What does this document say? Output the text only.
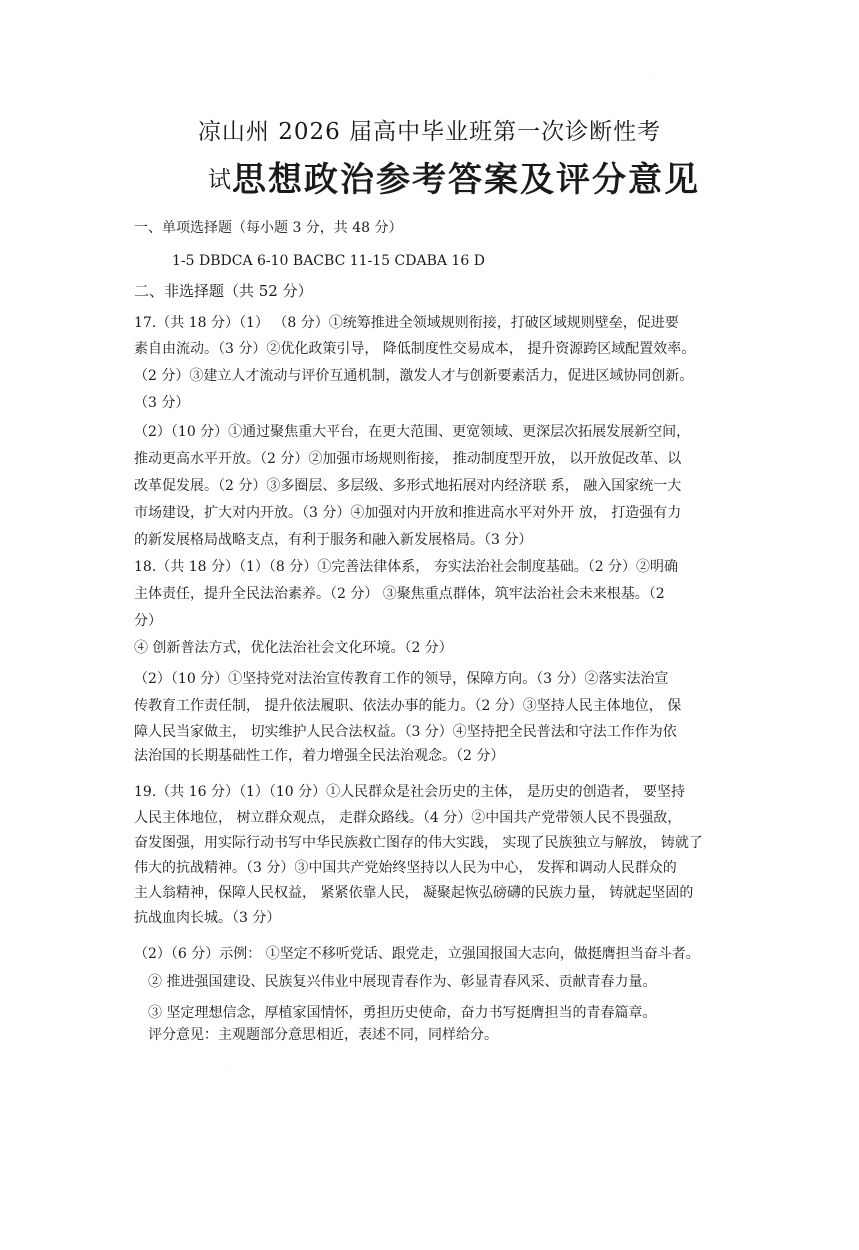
·
凉山州 2026 届高中毕业班第一次诊断性考
试思想政治参考答案及评分意见
一、单项选择题（每小题 3 分，共 48 分）
1-5 DBDCA 6-10 BACBC 11-15 CDABA 16 D
二、非选择题（共 52 分）
17.（共 18 分）（1） （8 分）①统筹推进全领域规则衔接，打破区域规则壁垒，促进要
素自由流动。（3 分）②优化政策引导， 降低制度性交易成本， 提升资源跨区域配置效率。
（2 分）③建立人才流动与评价互通机制，激发人才与创新要素活力，促进区域协同创新。
（3 分）
（2）（10 分）①通过聚焦重大平台，在更大范围、更宽领域、更深层次拓展发展新空间，
推动更高水平开放。（2 分）②加强市场规则衔接， 推动制度型开放， 以开放促改革、以
改革促发展。（2 分）③多圈层、多层级、多形式地拓展对内经济联 系， 融入国家统一大
市场建设，扩大对内开放。（3 分）④加强对内开放和推进高水平对外开 放， 打造强有力
的新发展格局战略支点，有利于服务和融入新发展格局。（3 分）
18.（共 18 分）（1）（8 分）①完善法律体系， 夯实法治社会制度基础。（2 分）②明确
主体责任，提升全民法治素养。（2 分） ③聚焦重点群体，筑牢法治社会未来根基。（2
分）
④ 创新普法方式，优化法治社会文化环境。（2 分）
（2）（10 分）①坚持党对法治宣传教育工作的领导，保障方向。（3 分）②落实法治宣
传教育工作责任制， 提升依法履职、依法办事的能力。（2 分）③坚持人民主体地位， 保
障人民当家做主， 切实维护人民合法权益。（3 分）④坚持把全民普法和守法工作作为依
法治国的长期基础性工作，着力增强全民法治观念。（2 分）
19.（共 16 分）（1）（10 分）①人民群众是社会历史的主体， 是历史的创造者， 要坚持
人民主体地位， 树立群众观点， 走群众路线。（4 分）②中国共产党带领人民不畏强敌，
奋发图强，用实际行动书写中华民族救亡图存的伟大实践， 实现了民族独立与解放， 铸就了
伟大的抗战精神。（3 分）③中国共产党始终坚持以人民为中心， 发挥和调动人民群众的
主人翁精神，保障人民权益， 紧紧依靠人民， 凝聚起恢弘磅礴的民族力量， 铸就起坚固的
抗战血肉长城。（3 分）
（2）（6 分）示例： ①坚定不移听党话、跟党走，立强国报国大志向，做挺膺担当奋斗者。
② 推进强国建设、民族复兴伟业中展现青春作为、彰显青春风采、贡献青春力量。
③ 坚定理想信念，厚植家国情怀，勇担历史使命，奋力书写挺膺担当的青春篇章。
评分意见：主观题部分意思相近，表述不同，同样给分。
·
